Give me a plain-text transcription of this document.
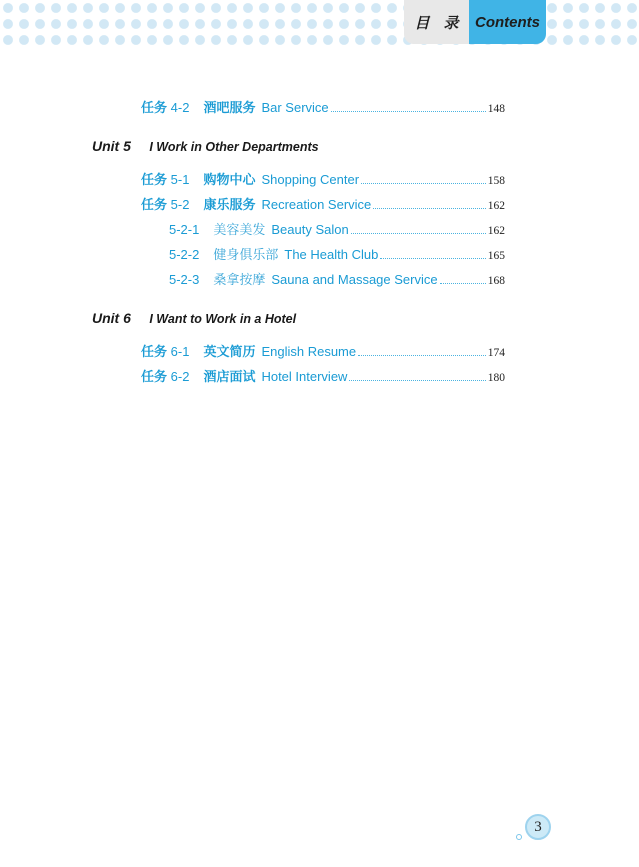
目 录	Contents
任务 4-2 酒吧服务 Bar Service	148
Unit 5 I Work in Other Departments
任务 5-1 购物中心 Shopping Center	158
任务 5-2 康乐服务 Recreation Service	162
5-2-1 美容美发 Beauty Salon	162
5-2-2 健身俱乐部 The Health Club	165
5-2-3 桑拿按摩 Sauna and Massage Service	168
Unit 6 I Want to Work in a Hotel
任务 6-1 英文简历 English Resume	174
任务 6-2 酒店面试 Hotel Interview	180
3
